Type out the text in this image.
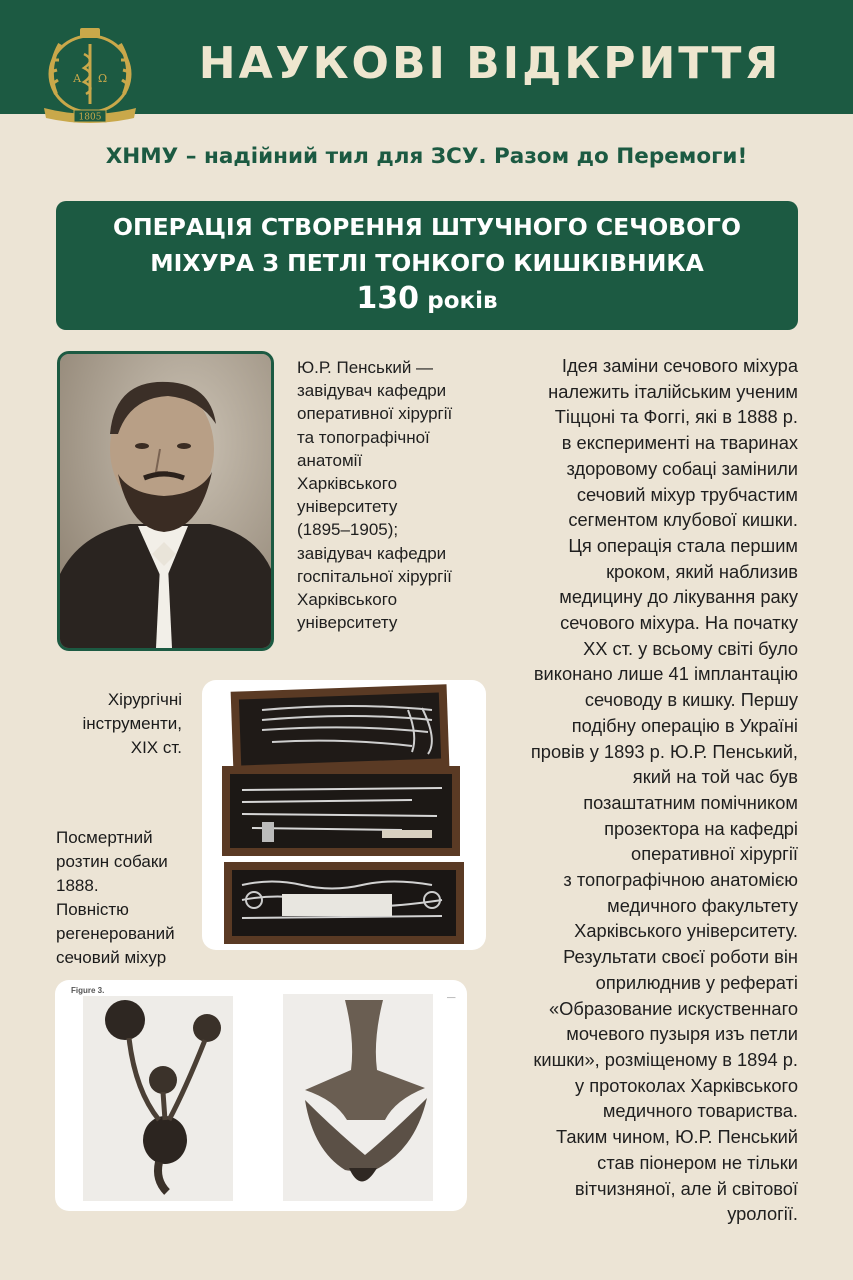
А Ω
1805
НАУКОВІ ВІДКРИТТЯ
ХНМУ – надійний тил для ЗСУ. Разом до Перемоги!
ОПЕРАЦІЯ СТВОРЕННЯ ШТУЧНОГО СЕЧОВОГО
МІХУРА З ПЕТЛІ ТОНКОГО КИШКІВНИКА
130 років
Ю.Р. Пенський —
завідувач кафедри
оперативної хірургії
та топографічної
анатомії
Харківського
університету
(1895–1905);
завідувач кафедри
госпітальної хірургії
Харківського
університету
Ідея заміни сечового міхура
належить італійським ученим
Тіццоні та Фоггі, які в 1888 р.
в експерименті на тваринах
здоровому собаці замінили
сечовий міхур трубчастим
сегментом клубової кишки.
Ця операція стала першим
кроком, який наблизив
медицину до лікування раку
сечового міхура. На початку
XX ст. у всьому світі було
виконано лише 41 імплантацію
сечоводу в кишку. Першу
подібну операцію в Україні
провів у 1893 р. Ю.Р. Пенський,
який на той час був
позаштатним помічником
прозектора на кафедрі
оперативної хірургії
з топографічною анатомією
медичного факультету
Харківського університету.
Результати своєї роботи він
оприлюднив у рефераті
«Образование искуственнаго
мочевого пузыря изъ петли
кишки», розміщеному в 1894 р.
у протоколах Харківського
медичного товариства.
Таким чином, Ю.Р. Пенський
став піонером не тільки
вітчизняної, але й світової
урології.
Хірургічні
інструменти,
XIX ст.
Посмертний
розтин собаки
1888.
Повністю
регенерований
сечовий міхур
Figure 3.
│
